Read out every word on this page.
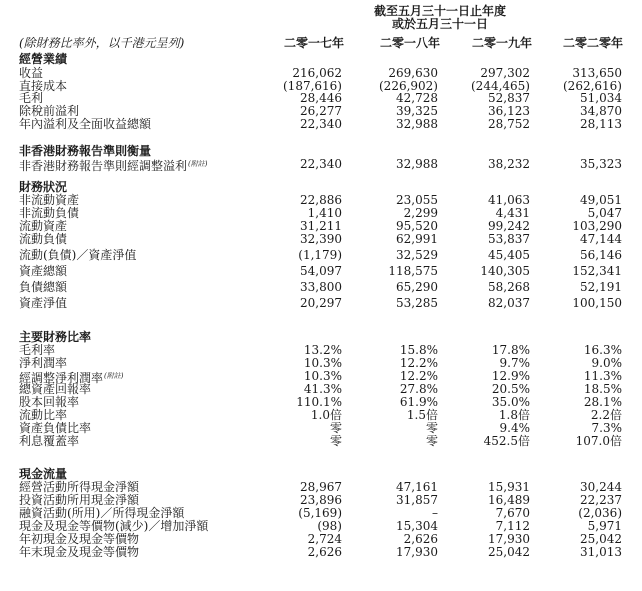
截至五月三十一日止年度
或於五月三十一日
(除財務比率外，以千港元呈列)	二零一七年	二零一八年	二零一九年	二零二零年
經營業績
收益	216,062	269,630	297,302	313,650
直接成本	(187,616)	(226,902)	(244,465)	(262,616)
毛利	28,446	42,728	52,837	51,034
除稅前溢利	26,277	39,325	36,123	34,870
年內溢利及全面收益總額	22,340	32,988	28,752	28,113
非香港財務報告準則衡量
非香港財務報告準則經調整溢利$^{(附註)}$	22,340	32,988	38,232	35,323
財務狀況
非流動資產	22,886	23,055	41,063	49,051
非流動負債	1,410	2,299	4,431	5,047
流動資產	31,211	95,520	99,242	103,290
流動負債	32,390	62,991	53,837	47,144
流動(負債)／資產淨值	(1,179)	32,529	45,405	56,146
資產總額	54,097	118,575	140,305	152,341
負債總額	33,800	65,290	58,268	52,191
資產淨值	20,297	53,285	82,037	100,150
主要財務比率
毛利率	13.2%	15.8%	17.8%	16.3%
淨利潤率	10.3%	12.2%	9.7%	9.0%
經調整淨利潤率$^{(附註)}$	10.3%	12.2%	12.9%	11.3%
總資產回報率	41.3%	27.8%	20.5%	18.5%
股本回報率	110.1%	61.9%	35.0%	28.1%
流動比率	1.0倍	1.5倍	1.8倍	2.2倍
資產負債比率	零	零	9.4%	7.3%
利息覆蓋率	零	零	452.5倍	107.0倍
現金流量
經營活動所得現金淨額	28,967	47,161	15,931	30,244
投資活動所用現金淨額	23,896	31,857	16,489	22,237
融資活動(所用)／所得現金淨額	(5,169)	–	7,670	(2,036)
現金及現金等價物(減少)／增加淨額	(98)	15,304	7,112	5,971
年初現金及現金等價物	2,724	2,626	17,930	25,042
年末現金及現金等價物	2,626	17,930	25,042	31,013
